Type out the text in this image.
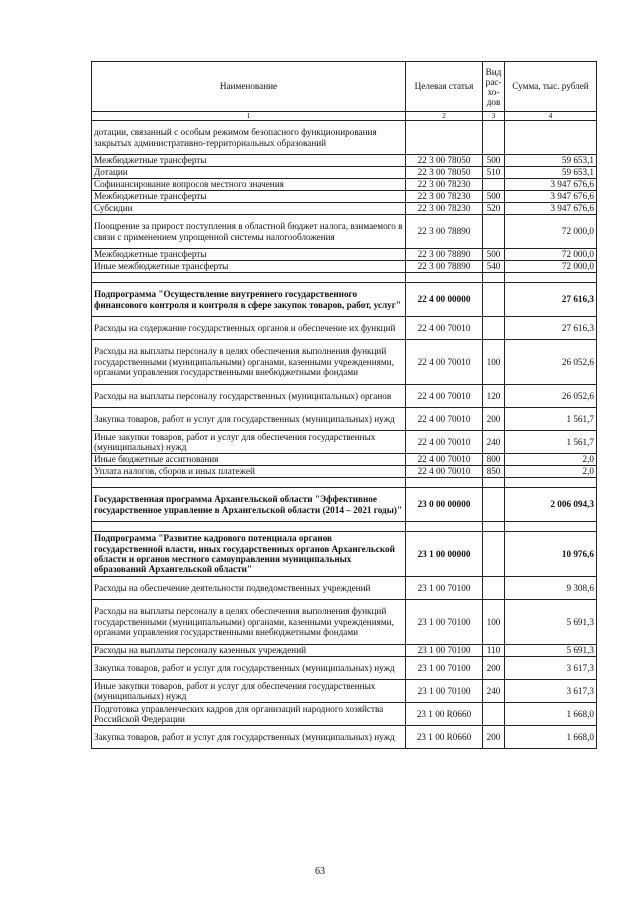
Наименование	Целевая статья	Вид рас-
хо-
дов	Сумма, тыс. рублей
1	2	3	4
дотации, связанный с особым режимом безопасного функционирования закрытых административно-территориальных образований			
Межбюджетные трансферты	22 3 00 78050	500	59 653,1
Дотации	22 3 00 78050	510	59 653,1
Софинансирование вопросов местного значения	22 3 00 78230		3 947 676,6
Межбюджетные трансферты	22 3 00 78230	500	3 947 676,6
Субсидии	22 3 00 78230	520	3 947 676,6
Поощрение за прирост поступления в областной бюджет налога, взимаемого в связи с применением упрощенной системы налогообложения	22 3 00 78890		72 000,0
Межбюджетные трансферты	22 3 00 78890	500	72 000,0
Иные межбюджетные трансферты	22 3 00 78890	540	72 000,0

Подпрограмма "Осуществление внутреннего государственного финансового контроля и контроля в сфере закупок товаров, работ, услуг"	22 4 00 00000		27 616,3
Расходы на содержание государственных органов и обеспечение их функций	22 4 00 70010		27 616,3
Расходы на выплаты персоналу в целях обеспечения выполнения функций государственными (муниципальными) органами, казенными учреждениями, органами управления государственными внебюджетными фондами	22 4 00 70010	100	26 052,6
Расходы на выплаты персоналу государственных (муниципальных) органов	22 4 00 70010	120	26 052,6
Закупка товаров, работ и услуг для государственных (муниципальных) нужд	22 4 00 70010	200	1 561,7
Иные закупки товаров, работ и услуг для обеспечения государственных (муниципальных) нужд	22 4 00 70010	240	1 561,7
Иные бюджетные ассигнования	22 4 00 70010	800	2,0
Уплата налогов, сборов и иных платежей	22 4 00 70010	850	2,0

Государственная программа Архангельской области "Эффективное государственное управление в Архангельской области (2014 – 2021 годы)"	23 0 00 00000		2 006 094,3

Подпрограмма "Развитие кадрового потенциала органов государственной власти, иных государственных органов Архангельской области и органов местного самоуправления муниципальных образований Архангельской области"	23 1 00 00000		10 976,6
Расходы на обеспечение деятельности подведомственных учреждений	23 1 00 70100		9 308,6
Расходы на выплаты персоналу в целях обеспечения выполнения функций государственными (муниципальными) органами, казенными учреждениями, органами управления государственными внебюджетными фондами	23 1 00 70100	100	5 691,3
Расходы на выплаты персоналу казенных учреждений	23 1 00 70100	110	5 691,3
Закупка товаров, работ и услуг для государственных (муниципальных) нужд	23 1 00 70100	200	3 617,3
Иные закупки товаров, работ и услуг для обеспечения государственных (муниципальных) нужд	23 1 00 70100	240	3 617,3
Подготовка управленческих кадров для организаций народного хозяйства Российской Федерации	23 1 00 R0660		1 668,0
Закупка товаров, работ и услуг для государственных (муниципальных) нужд	23 1 00 R0660	200	1 668,0
63
